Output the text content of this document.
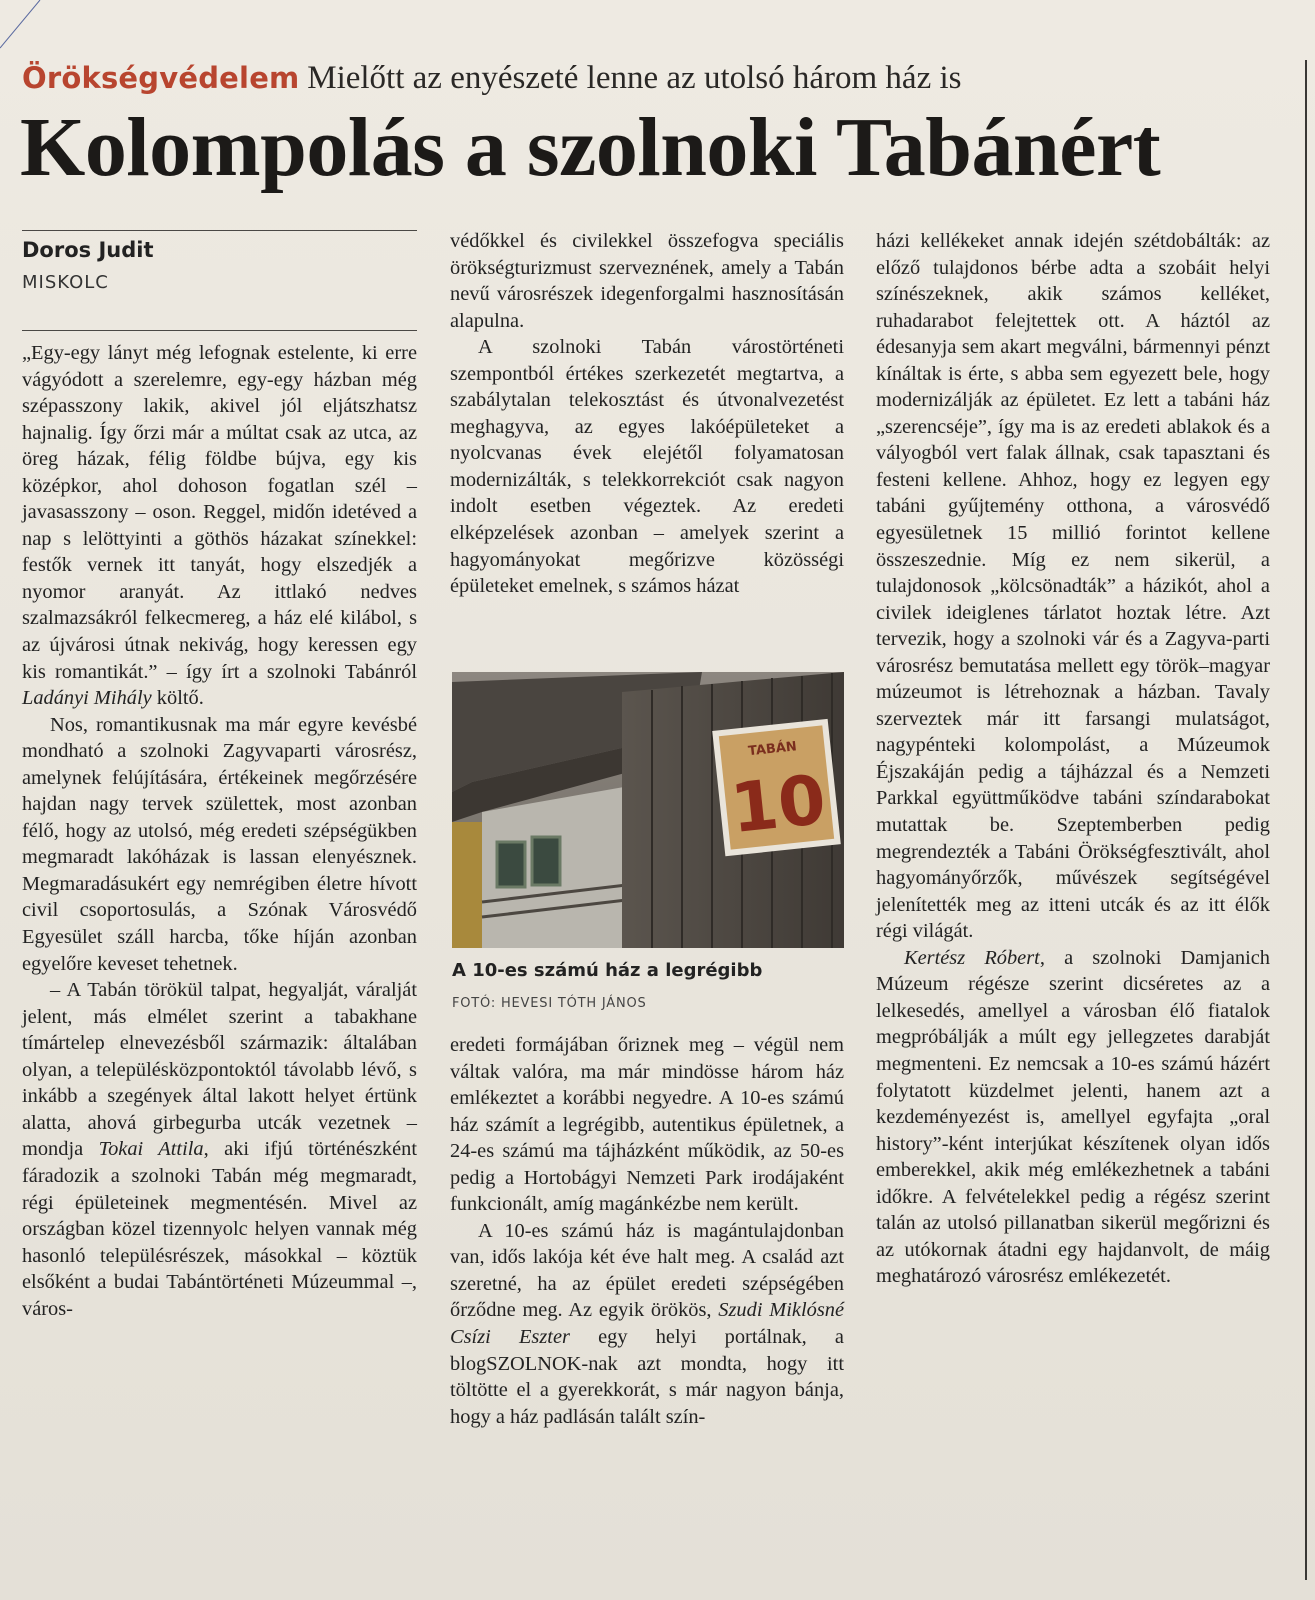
Örökségvédelem Mielőtt az enyészeté lenne az utolsó három ház is
Kolompolás a szolnoki Tabánért
Doros Judit
MISKOLC

„Egy-egy lányt még lefognak estelente, ki erre vágyódott a szerelemre, egy-egy házban még szépasszony lakik, akivel jól eljátszhatsz hajnalig. Így őrzi már a múltat csak az utca, az öreg házak, félig földbe bújva, egy kis középkor, ahol dohoson fogatlan szél – javasasszony – oson. Reggel, midőn idetéved a nap s lelöttyinti a göthös házakat színekkel: festők vernek itt tanyát, hogy elszedjék a nyomor aranyát. Az ittlakó nedves szalmazsákról felkecmereg, a ház elé kilábol, s az újvárosi útnak nekivág, hogy keressen egy kis romantikát.” – így írt a szolnoki Tabánról Ladányi Mihály költő.

Nos, romantikusnak ma már egyre kevésbé mondható a szolnoki Zagyvaparti városrész, amelynek felújítására, értékeinek megőrzésére hajdan nagy tervek születtek, most azonban félő, hogy az utolsó, még eredeti szépségükben megmaradt lakóházak is lassan elenyésznek. Megmaradásukért egy nemrégiben életre hívott civil csoportosulás, a Szónak Városvédő Egyesület száll harcba, tőke híján azonban egyelőre keveset tehetnek.

– A Tabán törökül talpat, hegyalját, váralját jelent, más elmélet szerint a tabakhane tímártelep elnevezésből származik: általában olyan, a településközpontoktól távolabb lévő, s inkább a szegények által lakott helyet értünk alatta, ahová girbegurba utcák vezetnek – mondja Tokai Attila, aki ifjú történészként fáradozik a szolnoki Tabán még megmaradt, régi épületeinek megmentésén. Mivel az országban közel tizennyolc helyen vannak még hasonló településrészek, másokkal – köztük elsőként a budai Tabántörténeti Múzeummal –, város-

védőkkel és civilekkel összefogva speciális örökségturizmust szerveznének, amely a Tabán nevű városrészek idegenforgalmi hasznosításán alapulna.

A szolnoki Tabán várostörténeti szempontból értékes szerkezetét megtartva, a szabálytalan telekosztást és útvonalvezetést meghagyva, az egyes lakóépületeket a nyolcvanas évek elejétől folyamatosan modernizálták, s telekkorrekciót csak nagyon indolt esetben végeztek. Az eredeti elképzelések azonban – amelyek szerint a hagyományokat megőrizve közösségi épületeket emelnek, s számos házat

TABÁN
10
A 10-es számú ház a legrégibb
FOTÓ: HEVESI TÓTH JÁNOS

eredeti formájában őriznek meg – végül nem váltak valóra, ma már mindösse három ház emlékeztet a korábbi negyedre. A 10-es számú ház számít a legrégibb, autentikus épületnek, a 24-es számú ma tájházként működik, az 50-es pedig a Hortobágyi Nemzeti Park irodájaként funkcionált, amíg magánkézbe nem került.

A 10-es számú ház is magántulajdonban van, idős lakója két éve halt meg. A család azt szeretné, ha az épület eredeti szépségében őrződne meg. Az egyik örökös, Szudi Miklósné Csízi Eszter egy helyi portálnak, a blogSZOLNOK-nak azt mondta, hogy itt töltötte el a gyerekkorát, s már nagyon bánja, hogy a ház padlásán talált szín-

házi kellékeket annak idején szétdobálták: az előző tulajdonos bérbe adta a szobáit helyi színészeknek, akik számos kelléket, ruhadarabot felejtettek ott. A háztól az édesanyja sem akart megválni, bármennyi pénzt kínáltak is érte, s abba sem egyezett bele, hogy modernizálják az épületet. Ez lett a tabáni ház „szerencséje”, így ma is az eredeti ablakok és a vályogból vert falak állnak, csak tapasztani és festeni kellene. Ahhoz, hogy ez legyen egy tabáni gyűjtemény otthona, a városvédő egyesületnek 15 millió forintot kellene összeszednie. Míg ez nem sikerül, a tulajdonosok „kölcsönadták” a házikót, ahol a civilek ideiglenes tárlatot hoztak létre. Azt tervezik, hogy a szolnoki vár és a Zagyva-parti városrész bemutatása mellett egy török–magyar múzeumot is létrehoznak a házban. Tavaly szerveztek már itt farsangi mulatságot, nagypénteki kolompolást, a Múzeumok Éjszakáján pedig a tájházzal és a Nemzeti Parkkal együttműködve tabáni színdarabokat mutattak be. Szeptemberben pedig megrendezték a Tabáni Örökségfesztivált, ahol hagyományőrzők, művészek segítségével jelenítették meg az itteni utcák és az itt élők régi világát.

Kertész Róbert, a szolnoki Damjanich Múzeum régésze szerint dicséretes az a lelkesedés, amellyel a városban élő fiatalok megpróbálják a múlt egy jellegzetes darabját megmenteni. Ez nemcsak a 10-es számú házért folytatott küzdelmet jelenti, hanem azt a kezdeményezést is, amellyel egyfajta „oral history”-ként interjúkat készítenek olyan idős emberekkel, akik még emlékezhetnek a tabáni időkre. A felvételekkel pedig a régész szerint talán az utolsó pillanatban sikerül megőrizni és az utókornak átadni egy hajdanvolt, de máig meghatározó városrész emlékezetét.
